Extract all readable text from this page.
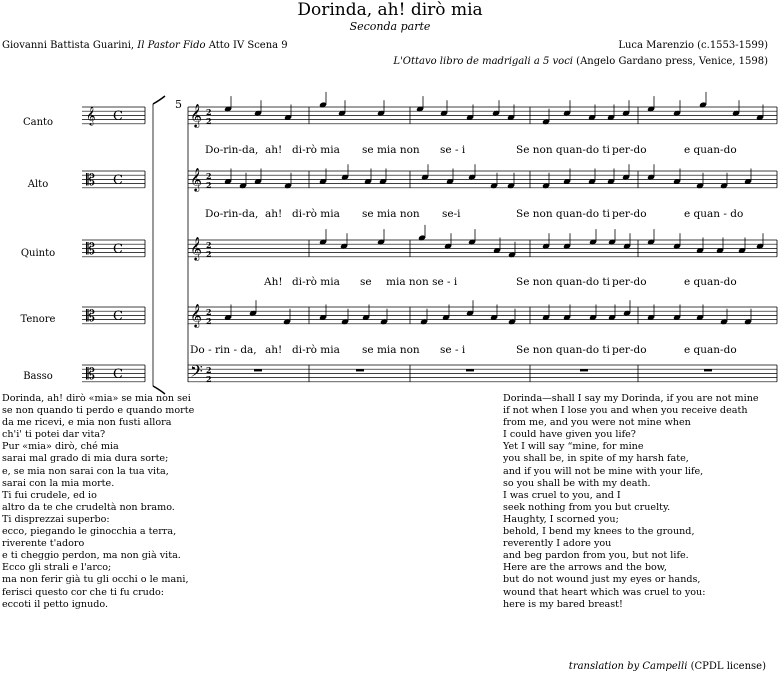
Dorinda, ah! dirò mia
Seconda parte
Giovanni Battista Guarini, Il Pastor Fido Atto IV Scena 9	Luca Marenzio (c.1553-1599)
L'Ottavo libro de madrigali a 5 voci (Angelo Gardano press, Venice, 1598)
Canto
Alto
Quinto
Tenore
Basso
C	2
2
𝄞
𝄞
C	2
2
𝄞
𝄡
C	2
2
𝄞
𝄡
C	2
2
𝄞
𝄡
C	2
2
𝄢
𝄡
5
Do-rin-da, ah! di-rò mia se mia non se - i	Se non quan-do ti per-do	e quan-do
Do-rin-da, ah! di-rò mia se mia non se-i	Se non quan-do ti per-do	e quan - do
Ah! di-rò mia se mia non se - i	Se non quan-do ti per-do	e quan-do
Do - rin - da, ah! di-rò mia se mia non se - i	Se non quan-do ti per-do	e quan-do
Dorinda, ah! dirò «mia» se mia non sei
se non quando ti perdo e quando morte
da me ricevi, e mia non fusti allora
ch'i' ti potei dar vita?
Pur «mia» dirò, ché mia
sarai mal grado di mia dura sorte;
e, se mia non sarai con la tua vita,
sarai con la mia morte.
Ti fui crudele, ed io
altro da te che crudeltà non bramo.
Ti disprezzai superbo:
ecco, piegando le ginocchia a terra,
riverente t'adoro
e ti cheggio perdon, ma non già vita.
Ecco gli strali e l'arco;
ma non ferir già tu gli occhi o le mani,
ferisci questo cor che ti fu crudo:
eccoti il petto ignudo.
Dorinda—shall I say my Dorinda, if you are not mine
if not when I lose you and when you receive death
from me, and you were not mine when
I could have given you life?
Yet I will say “mine, for mine
you shall be, in spite of my harsh fate,
and if you will not be mine with your life,
so you shall be with my death.
I was cruel to you, and I
seek nothing from you but cruelty.
Haughty, I scorned you;
behold, I bend my knees to the ground,
reverently I adore you
and beg pardon from you, but not life.
Here are the arrows and the bow,
but do not wound just my eyes or hands,
wound that heart which was cruel to you:
here is my bared breast!
translation by Campelli (CPDL license)
